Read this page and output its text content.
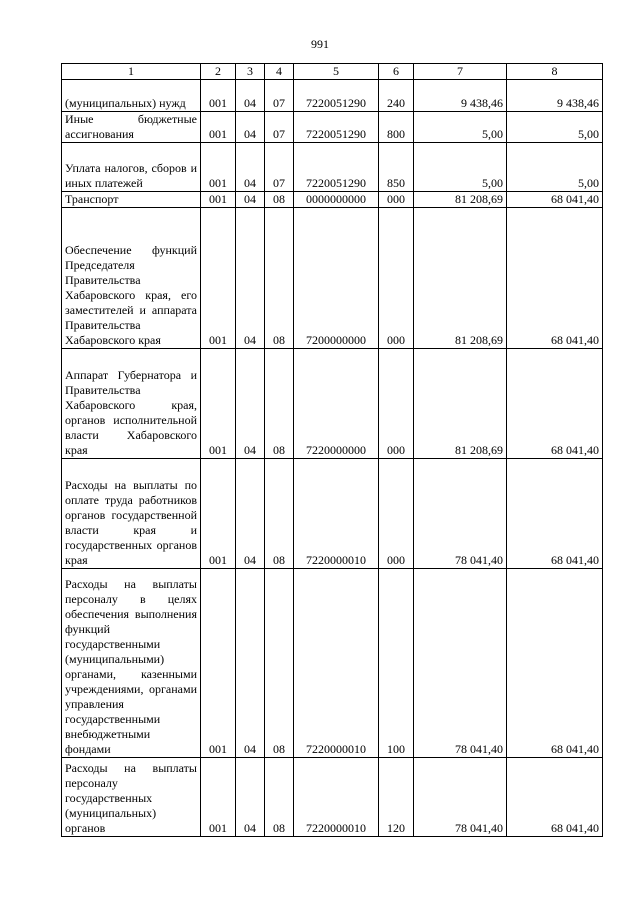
991
1	2	3	4	5	6	7	8

(муниципальных) нужд	001	04	07	7220051290	240	9 438,46	9 438,46

Иные бюджетные ассигнования	001	04	07	7220051290	800	5,00	5,00

Уплата налогов, сборов и иных платежей	001	04	07	7220051290	850	5,00	5,00

Транспорт	001	04	08	0000000000	000	81 208,69	68 041,40

Обеспечение функций Председателя Правительства Хабаровского края, его заместителей и аппарата Правительства Хабаровского края	001	04	08	7200000000	000	81 208,69	68 041,40

Аппарат Губернатора и Правительства Хабаровского края, органов исполнительной власти Хабаровского края	001	04	08	7220000000	000	81 208,69	68 041,40

Расходы на выплаты по оплате труда работников органов государственной власти края и государственных органов края	001	04	08	7220000010	000	78 041,40	68 041,40

Расходы на выплаты персоналу в целях обеспечения выполнения функций государственными (муниципальными) органами, казенными учреждениями, органами управления государственными внебюджетными фондами	001	04	08	7220000010	100	78 041,40	68 041,40

Расходы на выплаты персоналу государственных (муниципальных) органов	001	04	08	7220000010	120	78 041,40	68 041,40
